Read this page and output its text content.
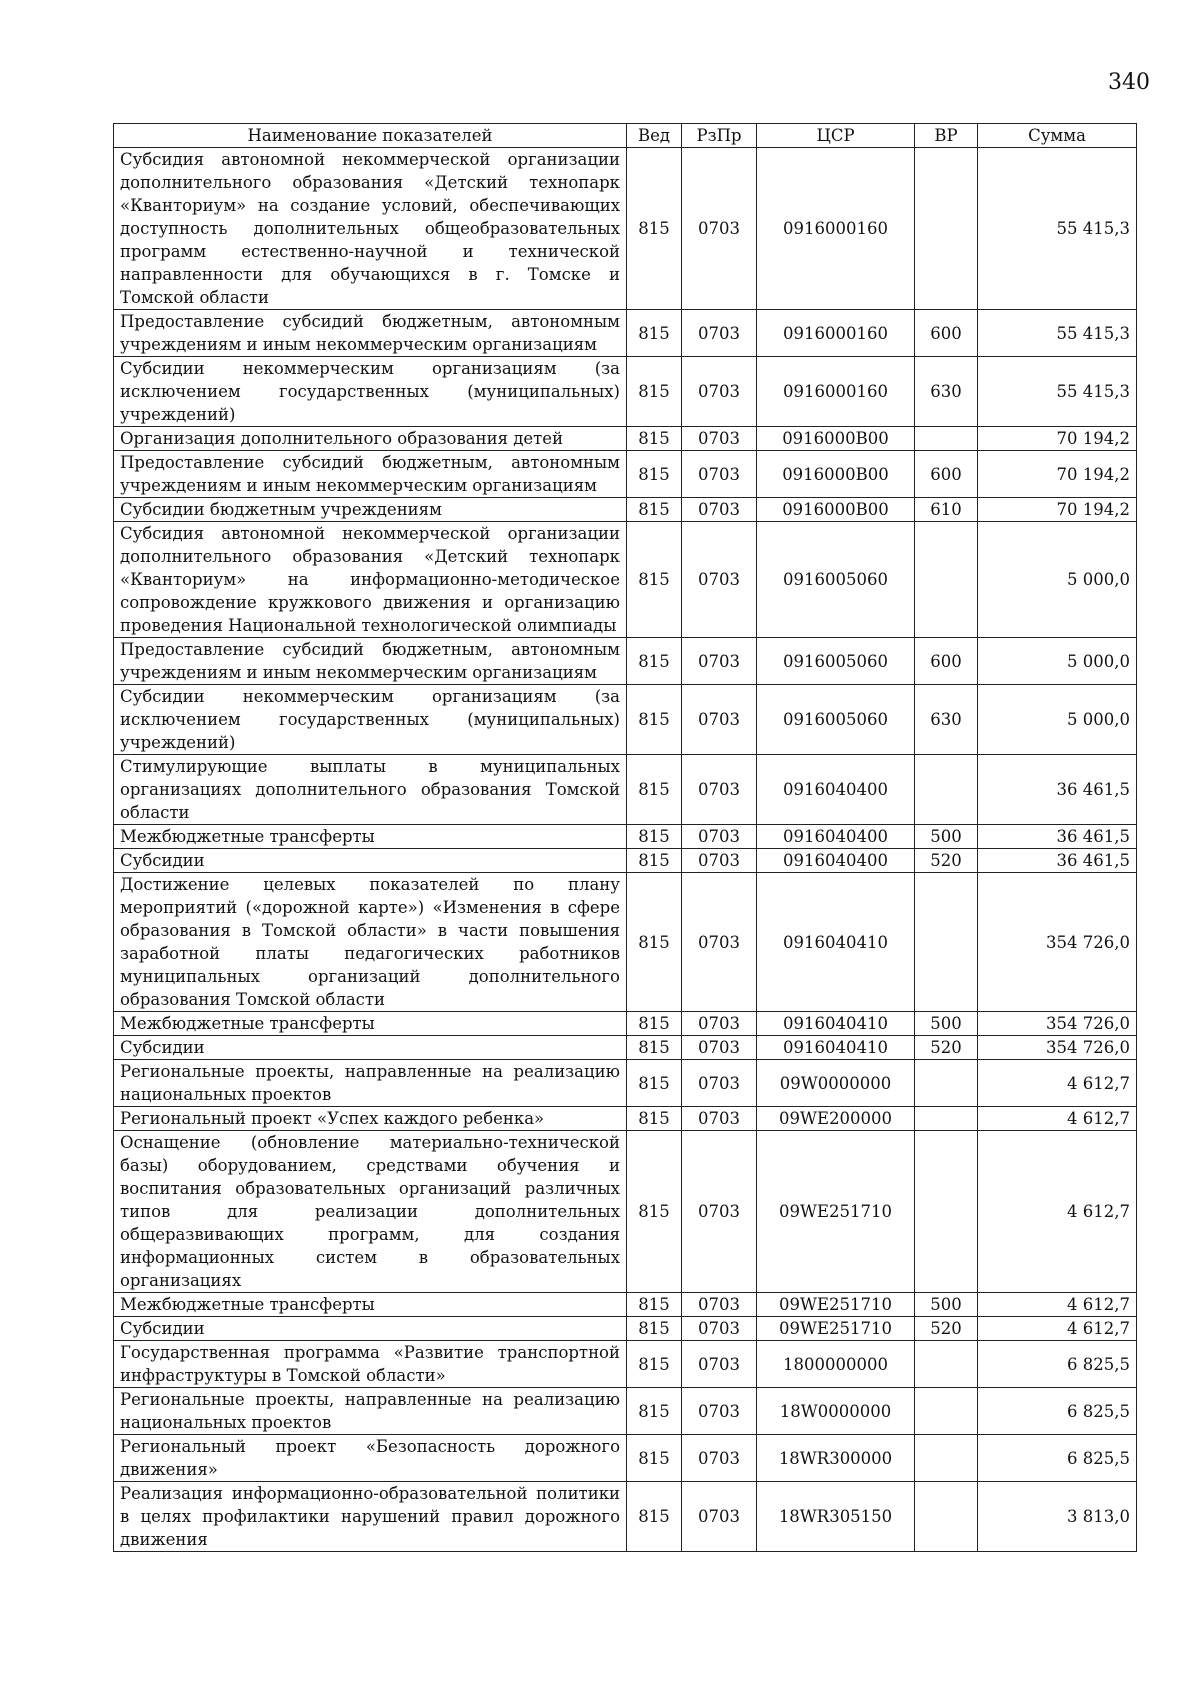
340
Наименование показателей	Вед	РзПр	ЦСР	ВР	Сумма
Субсидия автономной некоммерческой организации дополнительного образования «Детский технопарк «Кванториум» на создание условий, обеспечивающих доступность дополнительных общеобразовательных программ естественно-научной и технической направленности для обучающихся в г. Томске и Томской области	815	0703	0916000160		55 415,3
Предоставление субсидий бюджетным, автономным учреждениям и иным некоммерческим организациям	815	0703	0916000160	600	55 415,3
Субсидии некоммерческим организациям (за исключением государственных (муниципальных) учреждений)	815	0703	0916000160	630	55 415,3
Организация дополнительного образования детей	815	0703	0916000В00		70 194,2
Предоставление субсидий бюджетным, автономным учреждениям и иным некоммерческим организациям	815	0703	0916000В00	600	70 194,2
Субсидии бюджетным учреждениям	815	0703	0916000В00	610	70 194,2
Субсидия автономной некоммерческой организации дополнительного образования «Детский технопарк «Кванториум» на информационно-методическое сопровождение кружкового движения и организацию проведения Национальной технологической олимпиады	815	0703	0916005060		5 000,0
Предоставление субсидий бюджетным, автономным учреждениям и иным некоммерческим организациям	815	0703	0916005060	600	5 000,0
Субсидии некоммерческим организациям (за исключением государственных (муниципальных) учреждений)	815	0703	0916005060	630	5 000,0
Стимулирующие выплаты в муниципальных организациях дополнительного образования Томской области	815	0703	0916040400		36 461,5
Межбюджетные трансферты	815	0703	0916040400	500	36 461,5
Субсидии	815	0703	0916040400	520	36 461,5
Достижение целевых показателей по плану мероприятий («дорожной карте») «Изменения в сфере образования в Томской области» в части повышения заработной платы педагогических работников муниципальных организаций дополнительного образования Томской области	815	0703	0916040410		354 726,0
Межбюджетные трансферты	815	0703	0916040410	500	354 726,0
Субсидии	815	0703	0916040410	520	354 726,0
Региональные проекты, направленные на реализацию национальных проектов	815	0703	09W0000000		4 612,7
Региональный проект «Успех каждого ребенка»	815	0703	09WE200000		4 612,7
Оснащение (обновление материально-технической базы) оборудованием, средствами обучения и воспитания образовательных организаций различных типов для реализации дополнительных общеразвивающих программ, для создания информационных систем в образовательных организациях	815	0703	09WE251710		4 612,7
Межбюджетные трансферты	815	0703	09WE251710	500	4 612,7
Субсидии	815	0703	09WE251710	520	4 612,7
Государственная программа «Развитие транспортной инфраструктуры в Томской области»	815	0703	1800000000		6 825,5
Региональные проекты, направленные на реализацию национальных проектов	815	0703	18W0000000		6 825,5
Региональный проект «Безопасность дорожного движения»	815	0703	18WR300000		6 825,5
Реализация информационно-образовательной политики в целях профилактики нарушений правил дорожного движения	815	0703	18WR305150		3 813,0
